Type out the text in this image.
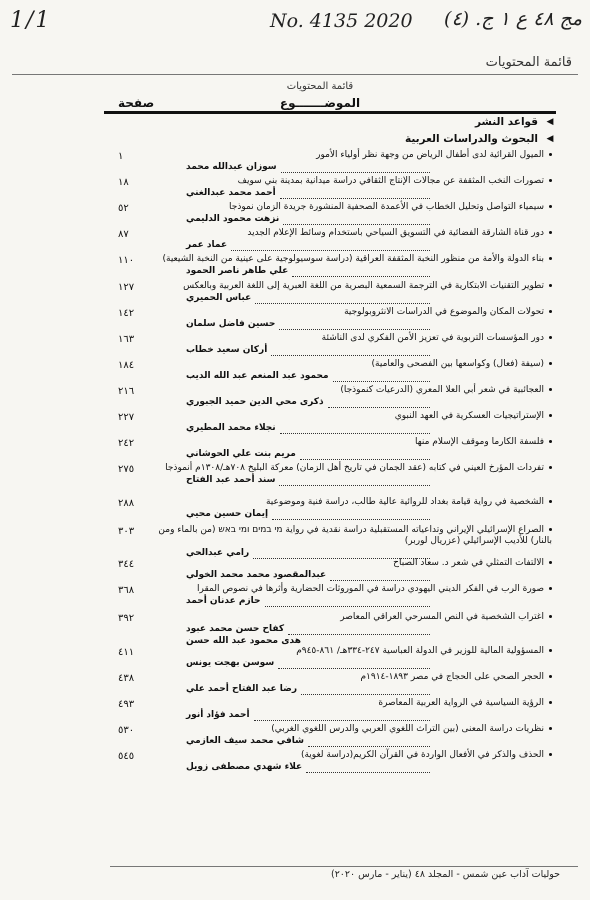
1/1	No. 4135 2020 مج ٤٨ ع ١ ج. (٤)
قائمة المحتويات
قائمة المحتويات
الموضـــــــوع
صفحة
◀
قواعد النشر
◀
البحوث والدراسات العربية
الميول القرائية لدى أطفال الرياض من وجهة نظر أولياء الأمور
سوزان عبدالله محمد
١
تصورات النخب المثقفة عن مجالات الإنتاج الثقافي دراسة ميدانية بمدينة بني سويف
أحمد محمد عبدالغني
١٨
سيمياء التواصل وتحليل الخطاب في الأعمدة الصحفية المنشورة جريدة الزمان نموذجا
نزهت محمود الدليمي
٥٢
دور قناة الشارقة الفضائية في التسويق السياحي باستخدام وسائط الإعلام الجديد
عماد عمر
٨٧
بناء الدولة والأمة من منظور النخبة المثقفة العراقية (دراسة سوسيولوجية على عينية من النخبة الشيعية)
علي طاهر ناصر الحمود
١١٠
تطوير التقنيات الابتكارية في الترجمة السمعية البصرية من اللغة العبرية إلى اللغة العربية وبالعكس
عباس الحميري
١٢٧
تحولات المكان والموضوع في الدراسات الانثروبولوجية
حسين فاضل سلمان
١٤٢
دور المؤسسات التربوية في تعزيز الأمن الفكري لدى الناشئة
أركان سعيد خطاب
١٦٣
(سيفة (فعال) وكواسعها بين الفصحى والعامية)
محمود عبد المنعم عبد الله الديب
١٨٤
العجائبية في شعر أبي العلا المعري (الدرعيات كنموذجا)
ذكرى محي الدين حميد الجبوري
٢١٦
الإستراتيجيات العسكرية في العهد النبوي
نجلاء محمد المطيري
٢٢٧
فلسفة الكارما وموقف الإسلام منها
مريم بنت علي الحوشاني
٢٤٢
تفردات المؤرخ العيني في كتابه (عقد الجمان في تاريخ أهل الزمان) معركة البليخ ٧٠٨هـ/١٣٠٨م أنموذجا
سند أحمد عبد الفتاح
٢٧٥
الشخصية في رواية قيامة بغداد للروائية عالية طالب، دراسة فنية وموضوعية
إيمان حسين محيي
٢٨٨
الصراع الإسرائيلي الإيراني وتداعياته المستقبلية دراسة نقدية في رواية מי במים ומי באש (من بالماء ومن
بالنار) للأديب الإسرائيلي (عزريال لوربر)
رامي عبدالحي
٣٠٣
الالتفات التمثلي في شعر د. سعاد الصباح
عبدالمقصود محمد محمد الخولي
٣٤٤
صورة الرب في الفكر الديني اليهودي دراسة في الموروثات الحضارية وأثرها في نصوص المقرا
حازم عدنان أحمد
٣٦٨
اغتراب الشخصية في النص المسرحي العراقي المعاصر
كفاح حسن محمد عبود
هدى محمود عبد الله حسن
٣٩٢
المسؤولية المالية للوزير في الدولة العباسية ٢٤٧-٣٣٤هـ/ ٨٦١-٩٤٥م
سوسن بهجت يونس
٤١١
الحجر الصحي على الحجاج في مصر ١٨٩٣-١٩١٤م
رضا عبد الفتاح أحمد علي
٤٣٨
الرؤية السياسية في الرواية العربية المعاصرة
أحمد فؤاد أنور
٤٩٣
نظريات دراسة المعنى (بين التراث اللغوي العربي والدرس اللغوي الغربي)
شافي محمد سيف العازمي
٥٣٠
الحذف والذكر في الأفعال الواردة في القرآن الكريم(دراسة لغوية)
علاء شهدي مصطفى زويل
٥٤٥
حوليات آداب عين شمس - المجلد ٤٨ (يناير - مارس ٢٠٢٠)
